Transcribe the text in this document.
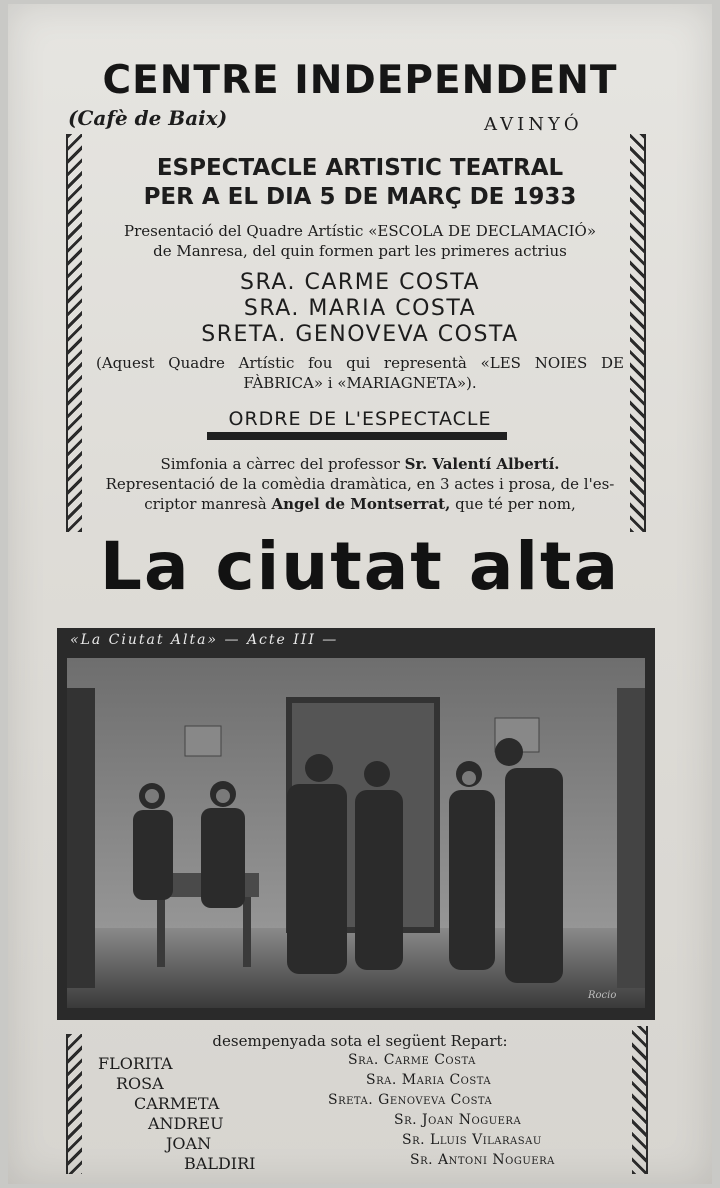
CENTRE INDEPENDENT
(Cafè de Baix)	AVINYÓ
ESPECTACLE ARTISTIC TEATRAL
PER A EL DIA 5 DE MARÇ DE 1933
Presentació del Quadre Artístic «ESCOLA DE DECLAMACIÓ»
de Manresa, del quin formen part les primeres actrius
SRA. CARME COSTA
SRA. MARIA COSTA
SRETA. GENOVEVA COSTA
(Aquest Quadre Artístic fou qui representà «LES NOIES DE FÀBRICA» i «MARIAGNETA»).
ORDRE DE L'ESPECTACLE
Simfonia a càrrec del professor Sr. Valentí Albertí.
Representació de la comèdia dramàtica, en 3 actes i prosa, de l'es-
criptor manresà Angel de Montserrat, que té per nom,
La ciutat alta
«La Ciutat Alta» — Acte III —
Rocio
desempenyada sota el següent Repart:
FLORITA
ROSA
CARMETA
ANDREU
JOAN
BALDIRI
Sra. Carme Costa
Sra. Maria Costa
Sreta. Genoveva Costa
Sr. Joan Noguera
Sr. Lluis Vilarasau
Sr. Antoni Noguera
